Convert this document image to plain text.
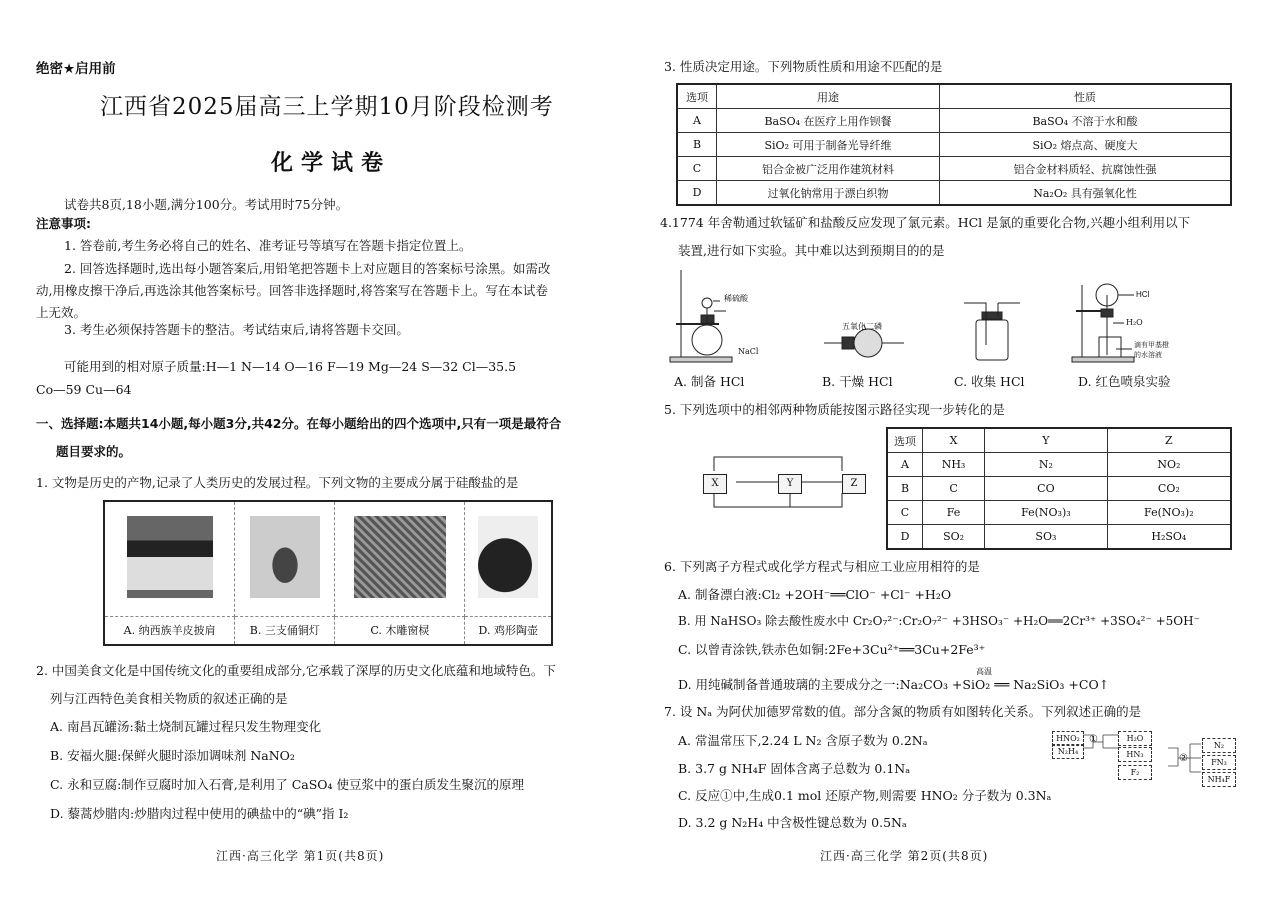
绝密★启用前
江西省2025届高三上学期10月阶段检测考
化学试卷
试卷共8页,18小题,满分100分。考试用时75分钟。
注意事项:
1. 答卷前,考生务必将自己的姓名、准考证号等填写在答题卡指定位置上。
2. 回答选择题时,选出每小题答案后,用铅笔把答题卡上对应题目的答案标号涂黑。如需改
动,用橡皮擦干净后,再选涂其他答案标号。回答非选择题时,将答案写在答题卡上。写在本试卷
上无效。
3. 考生必须保持答题卡的整洁。考试结束后,请将答题卡交回。
可能用到的相对原子质量:H—1 N—14 O—16 F—19 Mg—24 S—32 Cl—35.5
Co—59 Cu—64
一、选择题:本题共14小题,每小题3分,共42分。在每小题给出的四个选项中,只有一项是最符合
题目要求的。
1. 文物是历史的产物,记录了人类历史的发展过程。下列文物的主要成分属于硅酸盐的是

A. 纳西族羊皮披肩	B. 三支俑铜灯	C. 木雕窗棂	D. 鸡形陶壶
2. 中国美食文化是中国传统文化的重要组成部分,它承载了深厚的历史文化底蕴和地域特色。下
列与江西特色美食相关物质的叙述正确的是
A. 南昌瓦罐汤:黏土烧制瓦罐过程只发生物理变化
B. 安福火腿:保鲜火腿时添加调味剂 NaNO₂
C. 永和豆腐:制作豆腐时加入石膏,是利用了 CaSO₄ 使豆浆中的蛋白质发生聚沉的原理
D. 藜蒿炒腊肉:炒腊肉过程中使用的碘盐中的“碘”指 I₂
江西·高三化学 第1页(共8页)
3. 性质决定用途。下列物质性质和用途不匹配的是
选项	用途	性质
A	BaSO₄ 在医疗上用作钡餐	BaSO₄ 不溶于水和酸
B	SiO₂ 可用于制备光导纤维	SiO₂ 熔点高、硬度大
C	铝合金被广泛用作建筑材料	铝合金材料质轻、抗腐蚀性强
D	过氧化钠常用于漂白织物	Na₂O₂ 具有强氧化性
4.1774 年舍勒通过软锰矿和盐酸反应发现了氯元素。HCl 是氯的重要化合物,兴趣小组利用以下
装置,进行如下实验。其中难以达到预期目的的是
稀硫酸
NaCl
五氧化二磷
HCl
H₂O
滴有甲基橙
的水溶液
A. 制备 HCl	B. 干燥 HCl	C. 收集 HCl	D. 红色喷泉实验
5. 下列选项中的相邻两种物质能按图示路径实现一步转化的是
X	Y	Z
选项	X	Y	Z
A	NH₃	N₂	NO₂
B	C	CO	CO₂
C	Fe	Fe(NO₃)₃	Fe(NO₃)₂
D	SO₂	SO₃	H₂SO₄
6. 下列离子方程式或化学方程式与相应工业应用相符的是
A. 制备漂白液:Cl₂ +2OH⁻══ClO⁻ +Cl⁻ +H₂O
B. 用 NaHSO₃ 除去酸性废水中 Cr₂O₇²⁻:Cr₂O₇²⁻ +3HSO₃⁻ +H₂O══2Cr³⁺ +3SO₄²⁻ +5OH⁻
C. 以曾青涂铁,铁赤色如铜:2Fe+3Cu²⁺══3Cu+2Fe³⁺
高温
D. 用纯碱制备普通玻璃的主要成分之一:Na₂CO₃ +SiO₂ ══ Na₂SiO₃ +CO↑
7. 设 Nₐ 为阿伏加德罗常数的值。部分含氮的物质有如图转化关系。下列叙述正确的是
A. 常温常压下,2.24 L N₂ 含原子数为 0.2Nₐ
B. 3.7 g NH₄F 固体含离子总数为 0.1Nₐ
C. 反应①中,生成0.1 mol 还原产物,则需要 HNO₂ 分子数为 0.3Nₐ
D. 3.2 g N₂H₄ 中含极性键总数为 0.5Nₐ
HNO₂
N₂H₄
①	H₂O
HN₃
F₂
②
N₂
FN₃
NH₄F
江西·高三化学 第2页(共8页)
